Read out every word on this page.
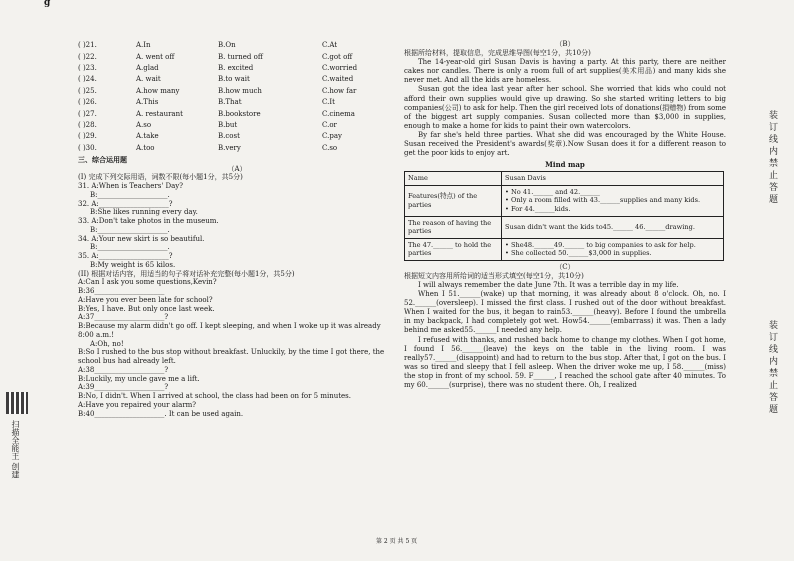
g
( )21.	A.In	B.On	C.At
( )22.	A. went off	B. turned off	C.got off
( )23.	A.glad	B. excited	C.worried
( )24.	A. wait	B.to wait	C.waited
( )25.	A.how many	B.how much	C.how far
( )26.	A.This	B.That	C.It
( )27.	A. restaurant	B.bookstore	C.cinema
( )28.	A.so	B.but	C.or
( )29.	A.take	B.cost	C.pay
( )30.	A.too	B.very	C.so
三、综合运用题
（A）
(I) 完成下列交际用语，词数不限(每小题1分，共5分)
31. A:When is Teachers' Day?
B:____________________.
32. A:____________________?
B:She likes running every day.
33. A:Don't take photos in the museum.
B:____________________.
34. A:Your new skirt is so beautiful.
B:____________________.
35. A:____________________?
B:My weight is 65 kilos.
(II) 根据对话内容，用适当的句子将对话补充完整(每小题1分，共5分)
A:Can I ask you some questions,Kevin?
B:36____________________
A:Have you ever been late for school?
B:Yes, I have. But only once last week.
A:37____________________?
B:Because my alarm didn't go off. I kept sleeping, and when I woke up it was already 8:00 a.m.!
A:Oh, no!
B:So I rushed to the bus stop without breakfast. Unluckily, by the time I got there, the school bus had already left.
A:38____________________?
B:Luckily, my uncle gave me a lift.
A:39____________________?
B:No, I didn't. When I arrived at school, the class had been on for 5 minutes.
A:Have you repaired your alarm?
B:40____________________. It can be used again.
（B）
根据所给材料，提取信息，完成思维导图(每空1分，共10分)

The 14-year-old girl Susan Davis is having a party. At this party, there are neither cakes nor candles. There is only a room full of art supplies(美术用品) and many kids she never met. And all the kids are homeless.

Susan got the idea last year after her school. She worried that kids who could not afford their own supplies would give up drawing. So she started writing letters to big companies(公司) to ask for help. Then the girl received lots of donations(捐赠物) from some of the biggest art supply companies. Susan collected more than $3,000 in supplies, enough to make a home for kids to paint their own watercolors.

By far she's held three parties. What she did was encouraged by the White House. Susan received the President's awards(奖章).Now Susan does it for a different reason to get the poor kids to enjoy art.

Mind map
Name	Susan Davis
Features(特点) of the parties	• No 41.______ and 42.______
• Only a room filled with 43.______supplies and many kids.
• For 44.______kids.

The reason of having the parties	Susan didn't want the kids to45.______ 46.______drawing.
The 47.______ to hold the parties	• She48.______49.______ to big companies to ask for help.
• She collected 50.______$3,000 in supplies.
（C）
根据短文内容用所给词的适当形式填空(每空1分，共10分)

I will always remember the date June 7th. It was a terrible day in my life.

When I 51.______(wake) up that morning, it was already about 8 o'clock. Oh, no. I 52.______(oversleep). I missed the first class. I rushed out of the door without breakfast. When I waited for the bus, it began to rain53.______(heavy). Before I found the umbrella in my backpack, I had completely got wet. How54.______(embarrass) it was. Then a lady behind me asked55.______I needed any help.

I refused with thanks, and rushed back home to change my clothes. When I got home, I found I 56.______(leave) the keys on the table in the living room. I was really57.______(disappoint) and had to return to the bus stop. After that, I got on the bus. I was so tired and sleepy that I fell asleep. When the driver woke me up, I 58.______(miss) the stop in front of my school. 59. F______, I reached the school gate after 40 minutes. To my 60.______(surprise), there was no student there. Oh, I realized

装订线内禁止答题
装订线内禁止答题
扫描全能王 创建
第 2 页 共 5 页
